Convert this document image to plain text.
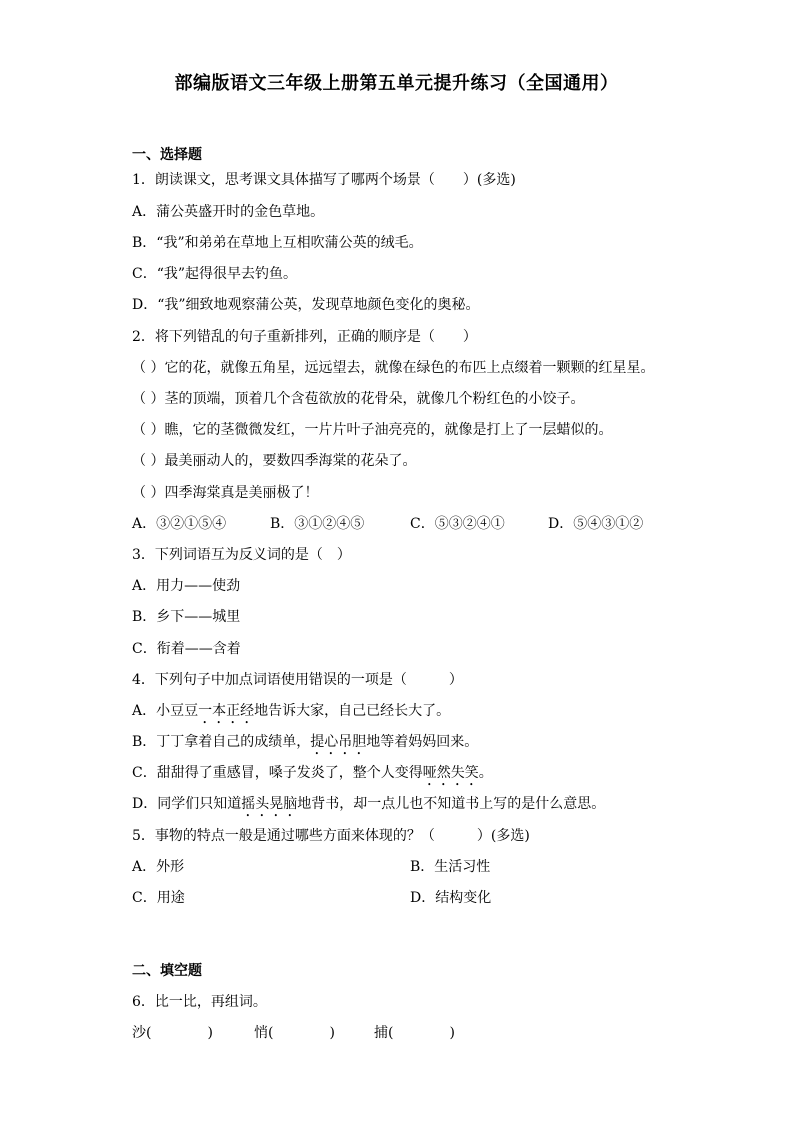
部编版语文三年级上册第五单元提升练习（全国通用）
一、选择题
1．朗读课文，思考课文具体描写了哪两个场景（　　）(多选)
A．蒲公英盛开时的金色草地。
B．“我”和弟弟在草地上互相吹蒲公英的绒毛。
C．“我”起得很早去钓鱼。
D．“我”细致地观察蒲公英，发现草地颜色变化的奥秘。
2．将下列错乱的句子重新排列，正确的顺序是（　　）
（ ）它的花，就像五角星，远远望去，就像在绿色的布匹上点缀着一颗颗的红星星。
（ ）茎的顶端，顶着几个含苞欲放的花骨朵，就像几个粉红色的小饺子。
（ ）瞧，它的茎微微发红，一片片叶子油亮亮的，就像是打上了一层蜡似的。
（ ）最美丽动人的，要数四季海棠的花朵了。
（ ）四季海棠真是美丽极了！
A．③②①⑤④	B．③①②④⑤	C．⑤③②④①	D．⑤④③①②
3．下列词语互为反义词的是（　）
A．用力——使劲
B．乡下——城里
C．衔着——含着
4．下列句子中加点词语使用错误的一项是（　　　）
A．小豆豆一本正经地告诉大家，自己已经长大了。
B．丁丁拿着自己的成绩单，提心吊胆地等着妈妈回来。
C．甜甜得了重感冒，嗓子发炎了，整个人变得哑然失笑。
D．同学们只知道摇头晃脑地背书，却一点儿也不知道书上写的是什么意思。
5．事物的特点一般是通过哪些方面来体现的？（　　　）(多选)
A．外形	B．生活习性
C．用途	D．结构变化
二、填空题
6．比一比，再组词。
沙(　　　　)	悄(　　　　)	捕(　　　　)
